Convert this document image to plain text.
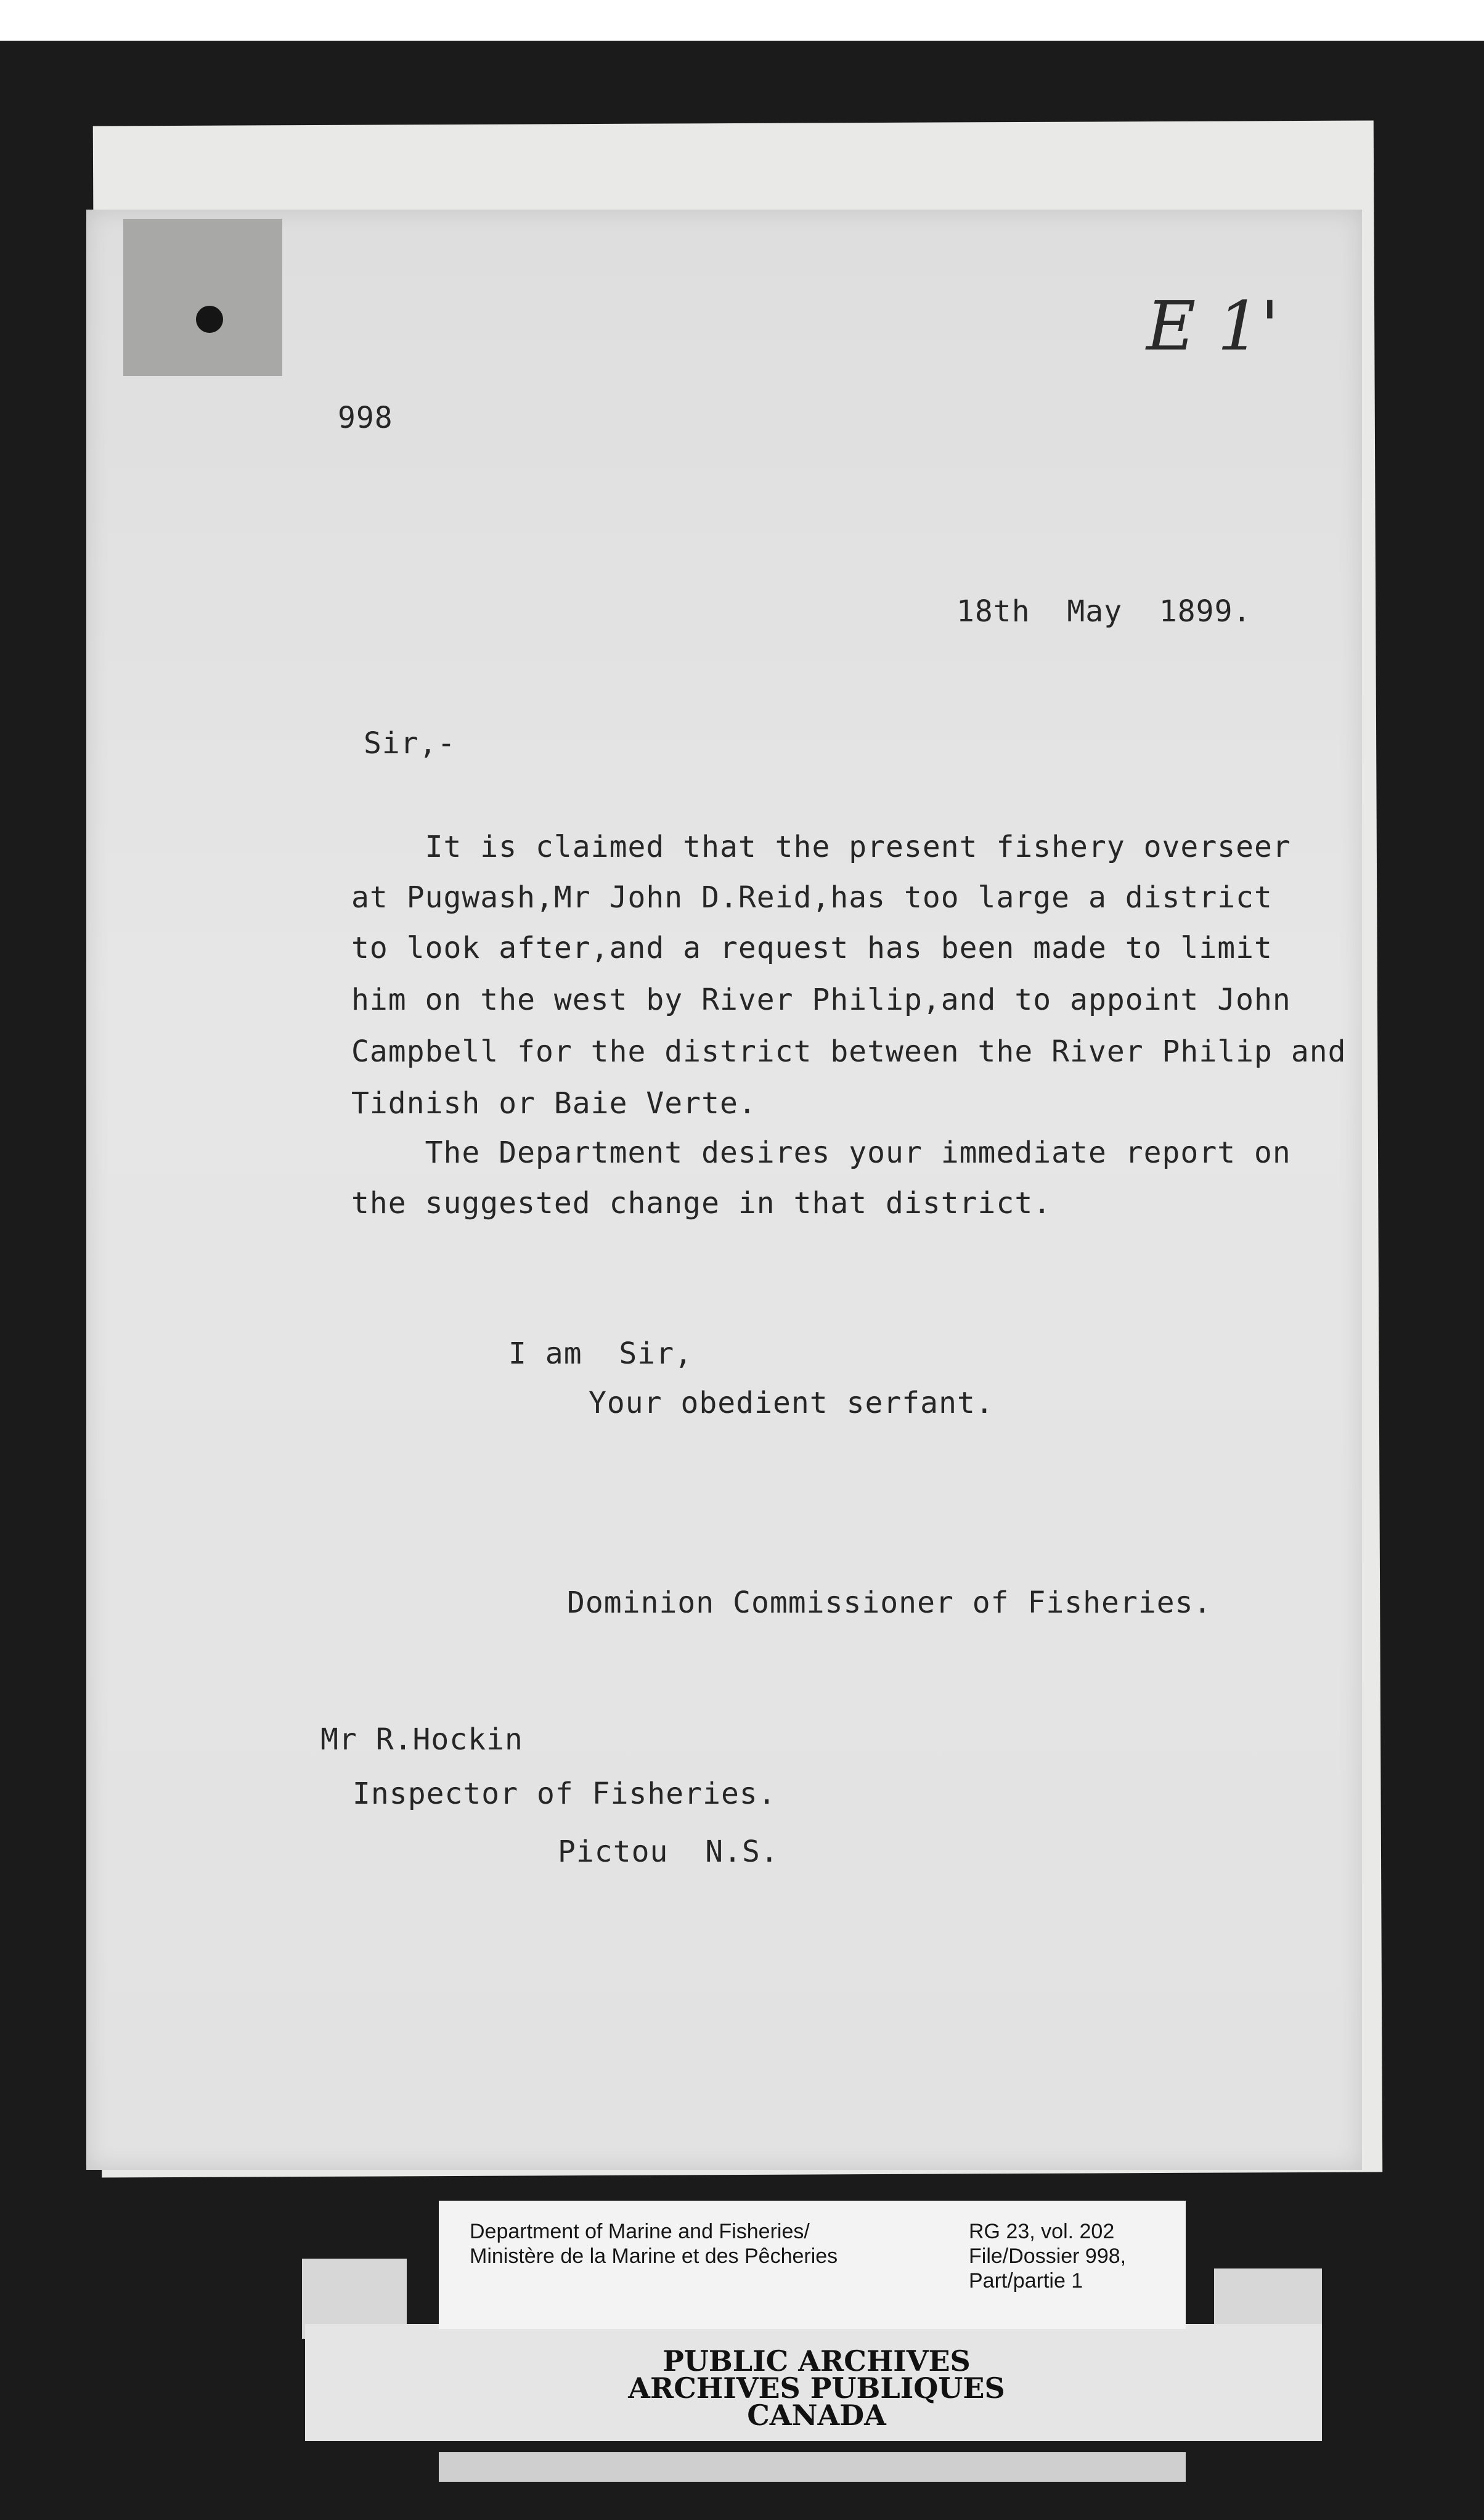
E 1'
998
18th  May  1899.
Sir,-
It is claimed that the present fishery overseer
at Pugwash,Mr John D.Reid,has too large a district
to look after,and a request has been made to limit
him on the west by River Philip,and to appoint John
Campbell for the district between the River Philip and
Tidnish or Baie Verte.
The Department desires your immediate report on
the suggested change in that district.
I am  Sir,
Your obedient serfant.
Dominion Commissioner of Fisheries.
Mr R.Hockin
Inspector of Fisheries.
Pictou  N.S.
Department of Marine and Fisheries/
Ministère de la Marine et des Pêcheries
RG 23, vol. 202
File/Dossier 998,
Part/partie 1
PUBLIC ARCHIVES
ARCHIVES PUBLIQUES
CANADA
